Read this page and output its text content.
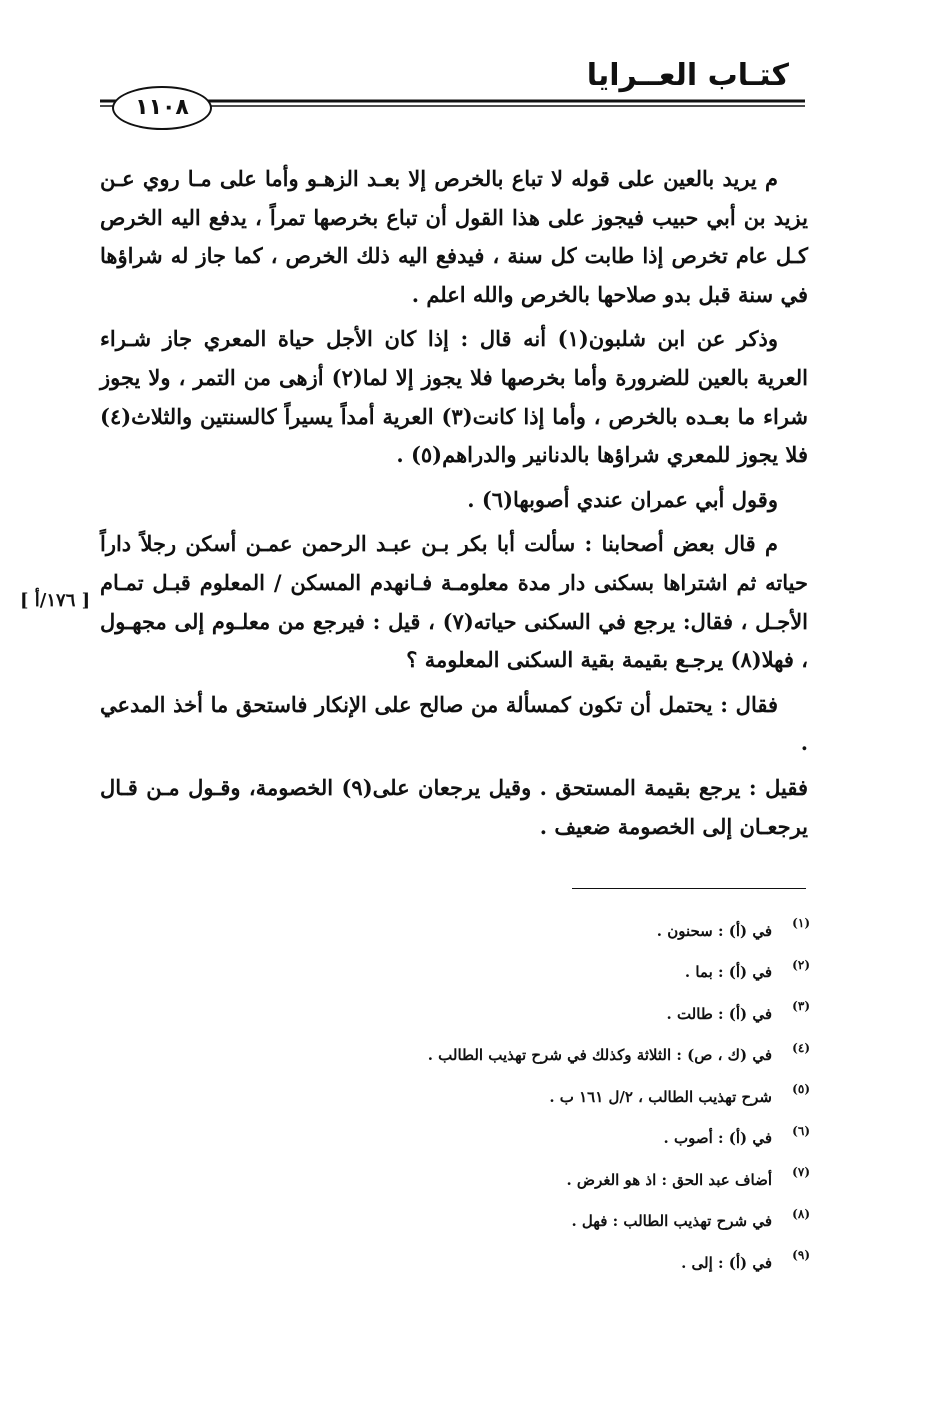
كتـاب العــرايا
١١٠٨

م يريد بالعين على قوله لا تباع بالخرص إلا بعـد الزهـو وأما على مـا روي عـن يزيد بن أبي حبيب فيجوز على هذا القول أن تباع بخرصها تمراً ، يدفع اليه الخرص كـل عام تخرص إذا طابت كل سنة ، فيدفع اليه ذلك الخرص ، كما جاز له شراؤها في سنة قبل بدو صلاحها بالخرص والله اعلم .

وذكر عن ابن شلبون(١) أنه قال : إذا كان الأجل حياة المعري جاز شـراء العرية بالعين للضرورة وأما بخرصها فلا يجوز إلا لما(٢) أزهى من التمر ، ولا يجوز شراء ما بعـده بالخرص ، وأما إذا كانت(٣) العرية أمداً يسيراً كالسنتين والثلاث(٤) فلا يجوز للمعري شراؤها بالدنانير والدراهم(٥) .

وقول أبي عمران عندي أصوبها(٦) .

م قال بعض أصحابنا : سألت أبا بكر بـن عبـد الرحمن عمـن أسكن رجلاً داراً حياته ثم اشتراها بسكنى دار مدة معلومـة فـانهدم المسكن / المعلوم قبـل تمـام الأجـل ، فقال: يرجع في السكنى حياته(٧) ، قيل : فيرجع من معلـوم إلى مجهـول ، فهلا(٨) يرجـع بقيمة بقية السكنى المعلومة ؟

فقال : يحتمل أن تكون كمسألة من صالح على الإنكار فاستحق ما أخذ المدعي .

فقيل : يرجع بقيمة المستحق . وقيل يرجعان على(٩) الخصومة، وقـول مـن قـال يرجعـان إلى الخصومة ضعيف .

[ ١٧٦/أ ]
(١)
في (أ) : سحنون .
(٢)
في (أ) : بما .
(٣)
في (أ) : طالت .
(٤)
في (ك ، ص) : الثلاثة وكذلك في شرح تهذيب الطالب .
(٥)
شرح تهذيب الطالب ، ٢/ل ١٦١ ب .
(٦)
في (أ) : أصوب .
(٧)
أضاف عبد الحق : اذ هو الغرض .
(٨)
في شرح تهذيب الطالب : فهل .
(٩)
في (أ) : إلى .
